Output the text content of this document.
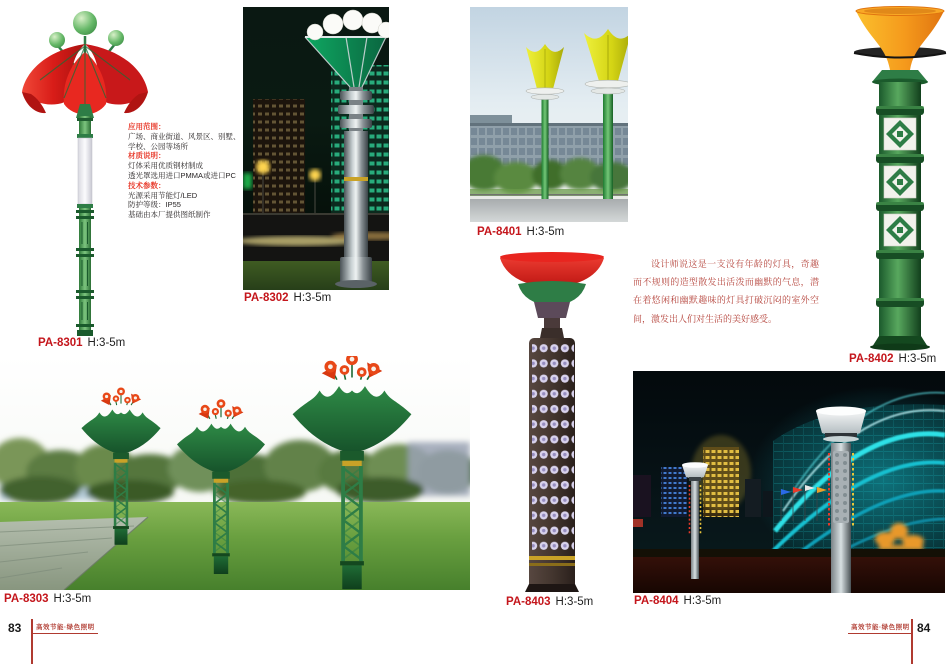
应用范围：
广场、商业街道、风景区、别墅、
学校、公园等场所
材质说明：
灯体采用优质钢材制成
透光罩选用进口PMMA或进口PC
技术参数：
光源采用节能灯/LED
防护等级：IP55
基础由本厂提供图纸制作
PA-8301 H:3-5m
PA-8302 H:3-5m
PA-8401 H:3-5m
PA-8402 H:3-5m
设计师说这是一支没有年龄的灯具，奇趣而不规则的造型散发出活泼而幽默的气息，潜在着悠闲和幽默趣味的灯具打破沉闷的室外空间，激发出人们对生活的美好感受。
PA-8403 H:3-5m
PA-8303 H:3-5m	PA-8404 H:3-5m
83	高效节能·绿色照明	高效节能·绿色照明 84
